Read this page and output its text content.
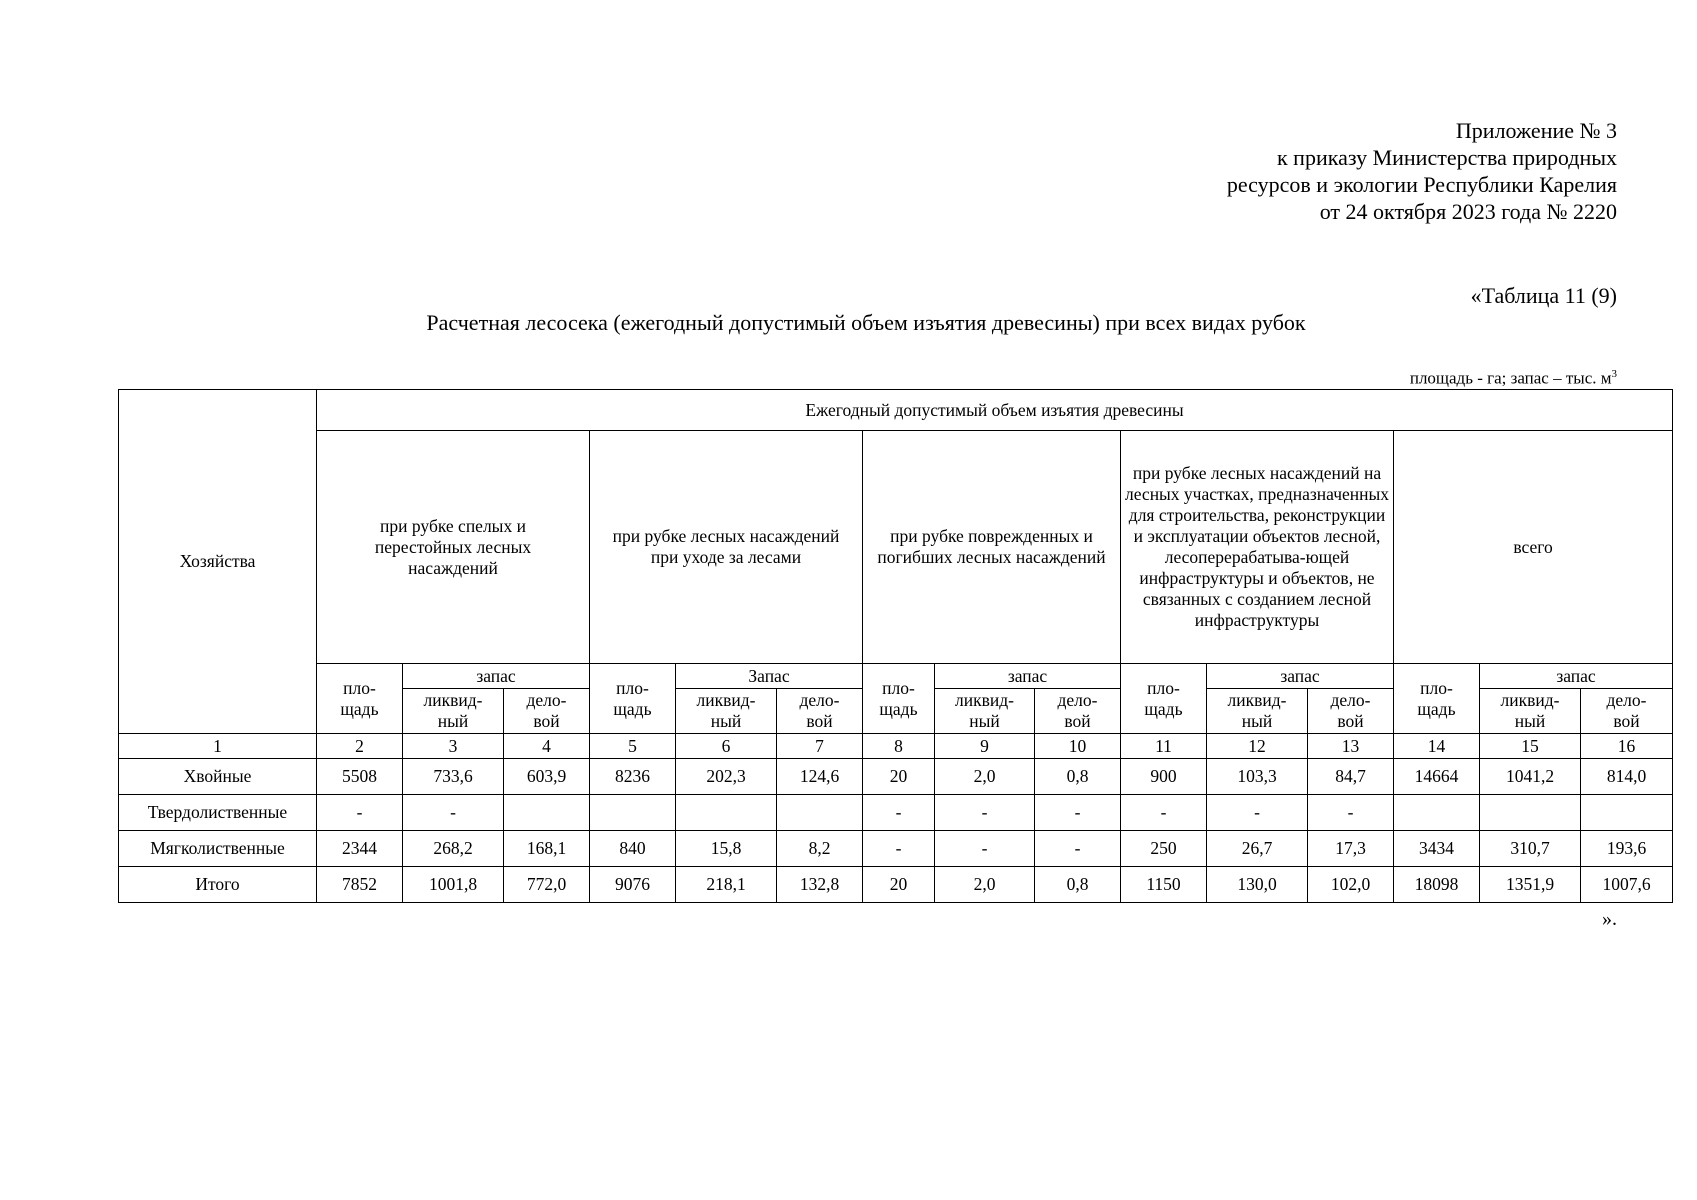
Приложение № 3
к приказу Министерства природных
ресурсов и экологии Республики Карелия
от 24 октября 2023 года № 2220
«Таблица 11 (9)
Расчетная лесосека (ежегодный допустимый объем изъятия древесины) при всех видах рубок
площадь - га; запас – тыс. $м^3$
Хозяйства	Ежегодный допустимый объем изъятия древесины														
	при рубке спелых и перестойных лесных насаждений			при рубке лесных насаждений при уходе за лесами			при рубке поврежденных и погибших лесных насаждений			при рубке лесных насаждений на лесных участках, предназначенных для строительства, реконструкции и эксплуатации объектов лесной, лесоперерабатыва-ющей инфраструктуры и объектов, не связанных с созданием лесной инфраструктуры			всего		
	пло-щадь	запас		пло-щадь	Запас		пло-щадь	запас		пло-щадь	запас		пло-щадь	запас	
		ликвид-ный	дело-вой		ликвид-ный	дело-вой		ликвид-ный	дело-вой		ликвид-ный	дело-вой		ликвид-ный	дело-вой
1	2	3	4	5	6	7	8	9	10	11	12	13	14	15	16
Хвойные	5508	733,6	603,9	8236	202,3	124,6	20	2,0	0,8	900	103,3	84,7	14664	1041,2	814,0
Твердолиственные	-	-					-	-	-	-	-	-			
Мягколиственные	2344	268,2	168,1	840	15,8	8,2	-	-	-	250	26,7	17,3	3434	310,7	193,6
Итого	7852	1001,8	772,0	9076	218,1	132,8	20	2,0	0,8	1150	130,0	102,0	18098	1351,9	1007,6
».
